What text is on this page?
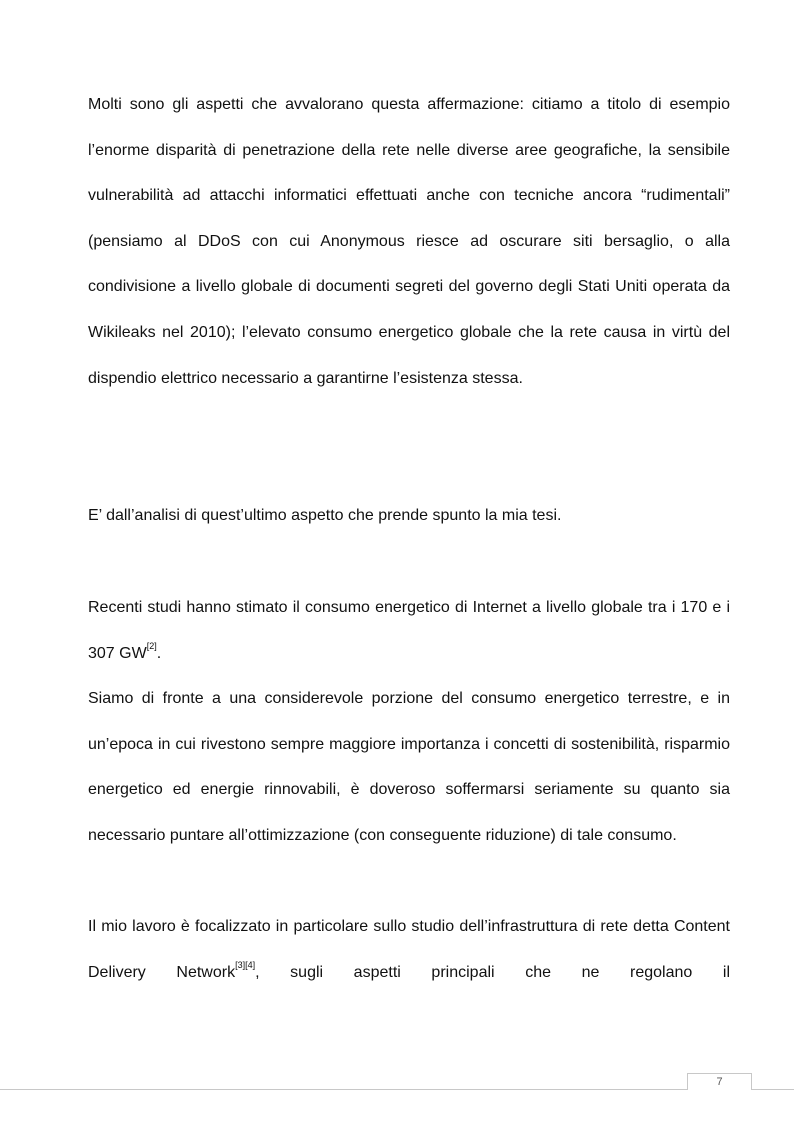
Molti sono gli aspetti che avvalorano questa affermazione: citiamo a titolo di esempio l’enorme disparità di penetrazione della rete nelle diverse aree geografiche, la sensibile vulnerabilità ad attacchi informatici effettuati anche con tecniche ancora “rudimentali” (pensiamo al DDoS con cui Anonymous riesce ad oscurare siti bersaglio, o alla condivisione a livello globale di documenti segreti del governo degli Stati Uniti operata da Wikileaks nel 2010); l’elevato consumo energetico globale che la rete causa in virtù del dispendio elettrico necessario a garantirne l’esistenza stessa.

E’ dall’analisi di quest’ultimo aspetto che prende spunto la mia tesi.

Recenti studi hanno stimato il consumo energetico di Internet a livello globale tra i 170 e i 307 GW[2].

Siamo di fronte a una considerevole porzione del consumo energetico terrestre, e in un’epoca in cui rivestono sempre maggiore importanza i concetti di sostenibilità, risparmio energetico ed energie rinnovabili, è doveroso soffermarsi seriamente su quanto sia necessario puntare all’ottimizzazione (con conseguente riduzione) di tale consumo.

Il mio lavoro è focalizzato in particolare sullo studio dell’infrastruttura di rete detta Content Delivery Network[3][4], sugli aspetti principali che ne regolano il

7
